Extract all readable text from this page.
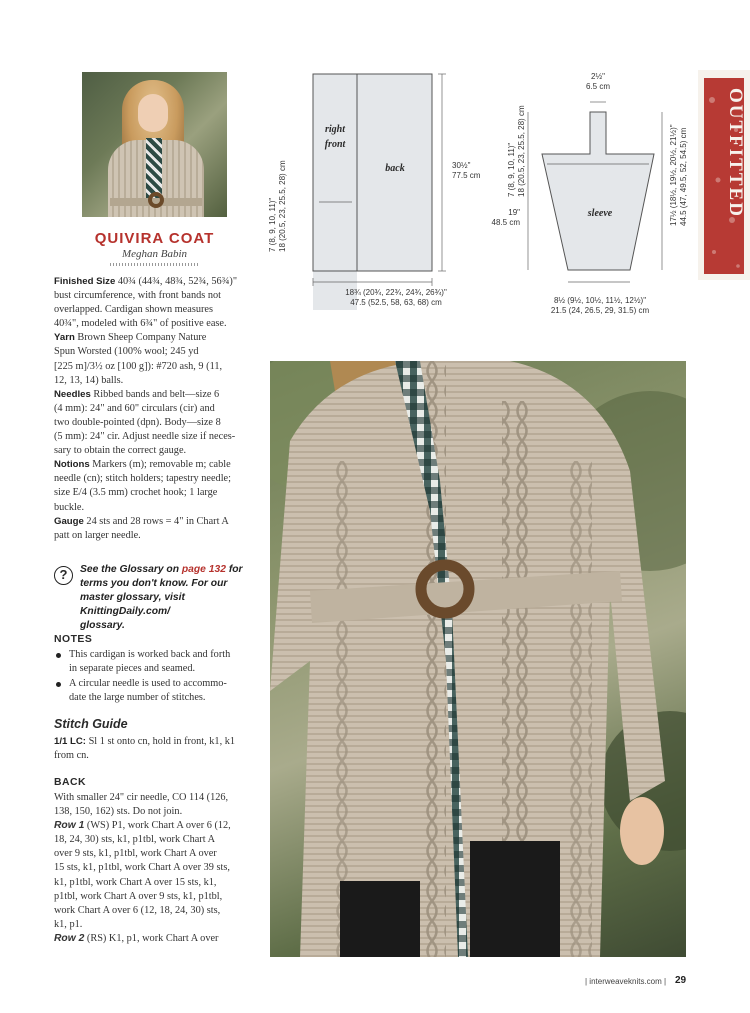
QUIVIRA COAT
Meghan Babin
Finished Size 40¾ (44¾, 48¾, 52¾, 56¾)"
bust circumference, with front bands not
overlapped. Cardigan shown measures
40¾", modeled with 6¾" of positive ease.
Yarn Brown Sheep Company Nature
Spun Worsted (100% wool; 245 yd
[225 m]/3½ oz [100 g]): #720 ash, 9 (11,
12, 13, 14) balls.
Needles Ribbed bands and belt—size 6
(4 mm): 24" and 60" circulars (cir) and
two double-pointed (dpn). Body—size 8
(5 mm): 24" cir. Adjust needle size if neces-
sary to obtain the correct gauge.
Notions Markers (m); removable m; cable
needle (cn); stitch holders; tapestry needle;
size E/4 (3.5 mm) crochet hook; 1 large
buckle.
Gauge 24 sts and 28 rows = 4" in Chart A
patt on larger needle.
?	See the Glossary on page 132 for
terms you don't know. For our
master glossary, visit KnittingDaily.com/
glossary.
NOTES
This cardigan is worked back and forth
in separate pieces and seamed.
A circular needle is used to accommo-
date the large number of stitches.
Stitch Guide
1/1 LC: Sl 1 st onto cn, hold in front, k1, k1
from cn.
BACK
With smaller 24" cir needle, CO 114 (126,
138, 150, 162) sts. Do not join.
Row 1 (WS) P1, work Chart A over 6 (12,
18, 24, 30) sts, k1, p1tbl, work Chart A
over 9 sts, k1, p1tbl, work Chart A over
15 sts, k1, p1tbl, work Chart A over 39 sts,
k1, p1tbl, work Chart A over 15 sts, k1,
p1tbl, work Chart A over 9 sts, k1, p1tbl,
work Chart A over 6 (12, 18, 24, 30) sts,
k1, p1.
Row 2 (RS) K1, p1, work Chart A over
right
front
back
7 (8, 9, 10, 11)" 18 (20.5, 23, 25.5, 28) cm	30½"
77.5 cm
18¾ (20¾, 22¾, 24¾, 26¾)"
47.5 (52.5, 58, 63, 68) cm
sleeve
2½"
6.5 cm
7 (8, 9, 10, 11)" 18 (20.5, 23, 25.5, 28) cm
19"
48.5 cm	17½ (18½, 19½, 20½, 21½)" 44.5 (47, 49.5, 52, 54.5) cm
8½ (9½, 10½, 11½, 12½)"
21.5 (24, 26.5, 29, 31.5) cm
OUTFITTED
| interweaveknits.com | 29
